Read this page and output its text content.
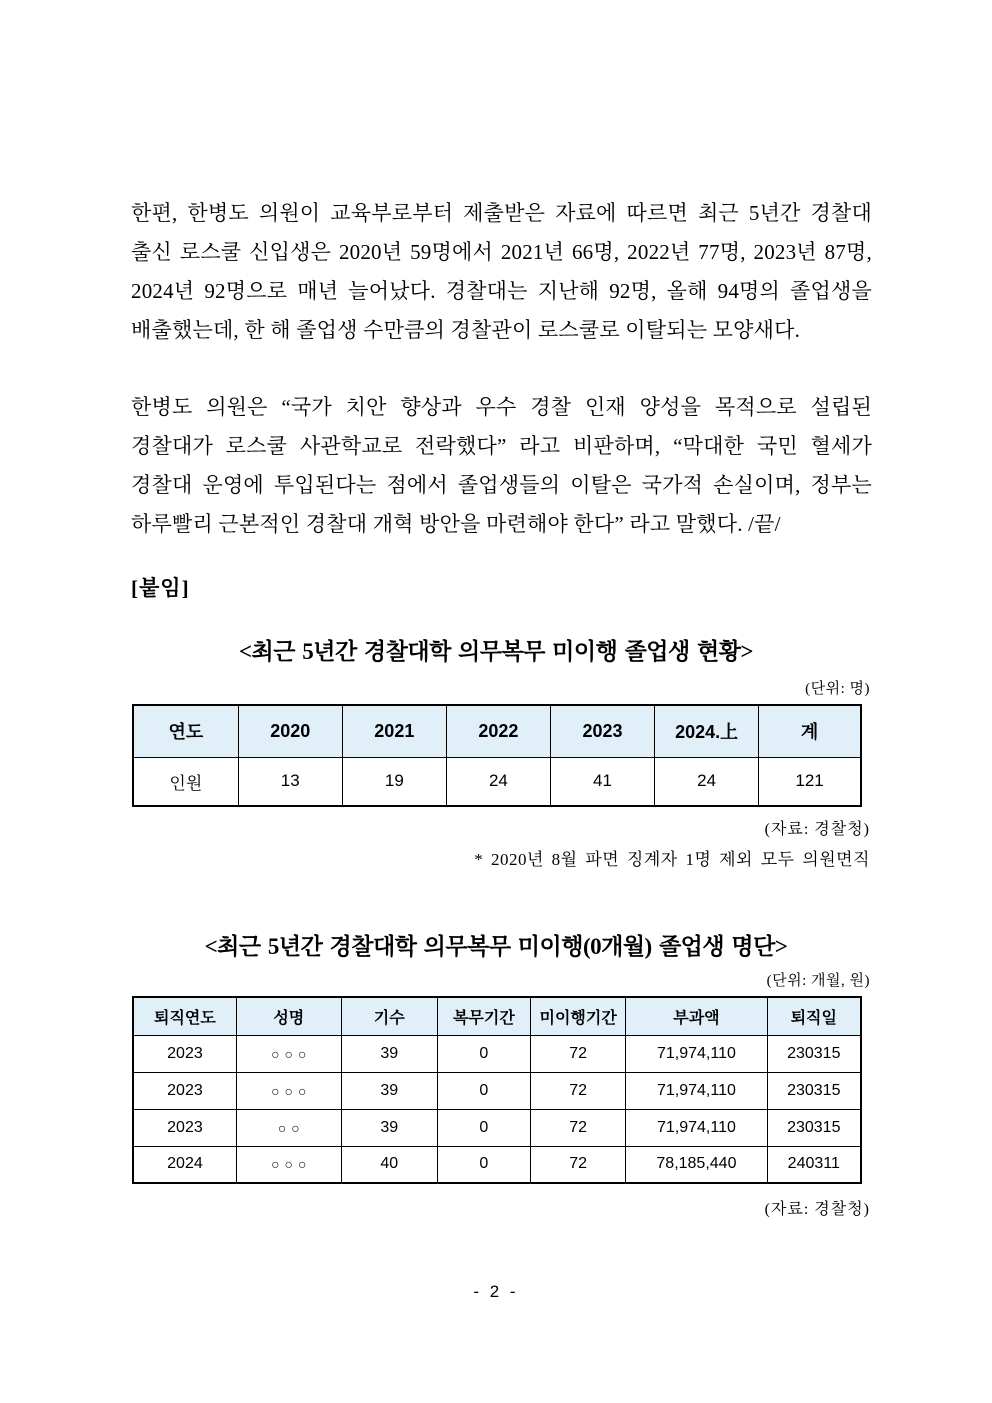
한편, 한병도 의원이 교육부로부터 제출받은 자료에 따르면 최근 5년간 경찰대 출신 로스쿨 신입생은 2020년 59명에서 2021년 66명, 2022년 77명, 2023년 87명, 2024년 92명으로 매년 늘어났다. 경찰대는 지난해 92명, 올해 94명의 졸업생을 배출했는데, 한 해 졸업생 수만큼의 경찰관이 로스쿨로 이탈되는 모양새다.

한병도 의원은 “국가 치안 향상과 우수 경찰 인재 양성을 목적으로 설립된 경찰대가 로스쿨 사관학교로 전락했다” 라고 비판하며, “막대한 국민 혈세가 경찰대 운영에 투입된다는 점에서 졸업생들의 이탈은 국가적 손실이며, 정부는 하루빨리 근본적인 경찰대 개혁 방안을 마련해야 한다” 라고 말했다. /끝/

[붙임]
<최근 5년간 경찰대학 의무복무 미이행 졸업생 현황>
(단위: 명)
연도	2020	2021	2022	2023	2024.上	계
인원	13	19	24	41	24	121
(자료: 경찰청)
* 2020년 8월 파면 징계자 1명 제외 모두 의원면직
<최근 5년간 경찰대학 의무복무 미이행(0개월) 졸업생 명단>
(단위: 개월, 원)
퇴직연도	성명	기수	복무기간	미이행기간	부과액	퇴직일
2023	○○○	39	0	72	71,974,110	230315
2023	○○○	39	0	72	71,974,110	230315
2023	○○	39	0	72	71,974,110	230315
2024	○○○	40	0	72	78,185,440	240311
(자료: 경찰청)
- 2 -
